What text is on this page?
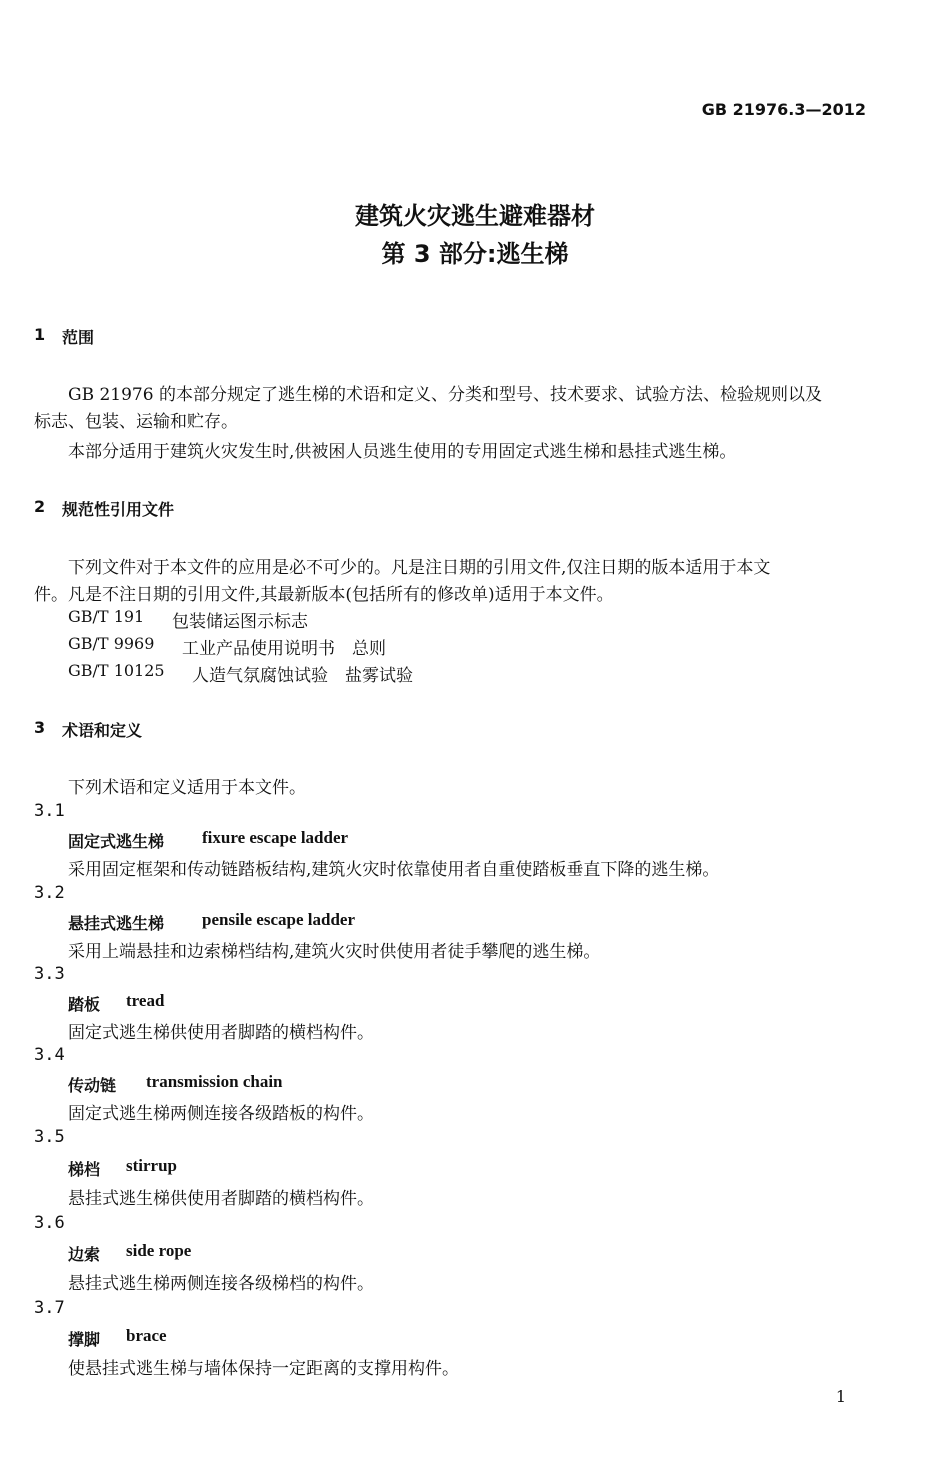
GB 21976.3—2012
建筑火灾逃生避难器材
第 3 部分:逃生梯
1 范围
GB 21976 的本部分规定了逃生梯的术语和定义、分类和型号、技术要求、试验方法、检验规则以及
标志、包装、运输和贮存。
本部分适用于建筑火灾发生时,供被困人员逃生使用的专用固定式逃生梯和悬挂式逃生梯。
2 规范性引用文件
下列文件对于本文件的应用是必不可少的。凡是注日期的引用文件,仅注日期的版本适用于本文
件。凡是不注日期的引用文件,其最新版本(包括所有的修改单)适用于本文件。
GB/T 191 包装储运图示标志
GB/T 9969 工业产品使用说明书　总则
GB/T 10125 人造气氛腐蚀试验　盐雾试验
3 术语和定义
下列术语和定义适用于本文件。
3.1
固定式逃生梯 fixure escape ladder
采用固定框架和传动链踏板结构,建筑火灾时依靠使用者自重使踏板垂直下降的逃生梯。
3.2
悬挂式逃生梯 pensile escape ladder
采用上端悬挂和边索梯档结构,建筑火灾时供使用者徒手攀爬的逃生梯。
3.3
踏板 tread
固定式逃生梯供使用者脚踏的横档构件。
3.4
传动链 transmission chain
固定式逃生梯两侧连接各级踏板的构件。
3.5
梯档 stirrup
悬挂式逃生梯供使用者脚踏的横档构件。
3.6
边索 side rope
悬挂式逃生梯两侧连接各级梯档的构件。
3.7
撑脚 brace
使悬挂式逃生梯与墙体保持一定距离的支撑用构件。
1
